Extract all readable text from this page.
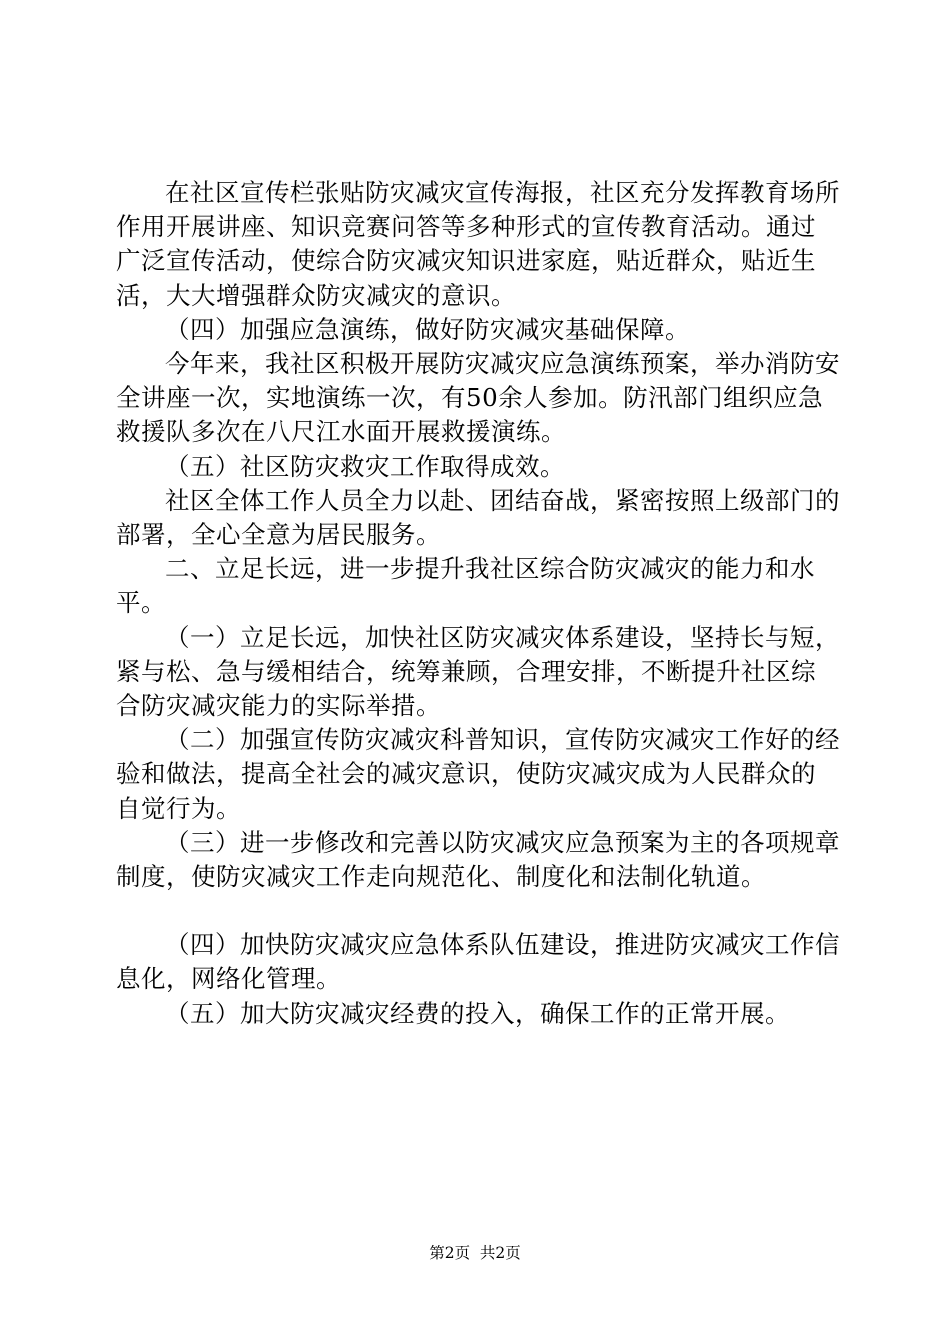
在社区宣传栏张贴防灾减灾宣传海报，社区充分发挥教育场所作用开展讲座、知识竞赛问答等多种形式的宣传教育活动。通过广泛宣传活动，使综合防灾减灾知识进家庭，贴近群众，贴近生活，大大增强群众防灾减灾的意识。

（四）加强应急演练，做好防灾减灾基础保障。

今年来，我社区积极开展防灾减灾应急演练预案，举办消防安全讲座一次，实地演练一次，有50余人参加。防汛部门组织应急救援队多次在八尺江水面开展救援演练。

（五）社区防灾救灾工作取得成效。

社区全体工作人员全力以赴、团结奋战，紧密按照上级部门的部署，全心全意为居民服务。

二、立足长远，进一步提升我社区综合防灾减灾的能力和水平。

（一）立足长远，加快社区防灾减灾体系建设，坚持长与短，紧与松、急与缓相结合，统筹兼顾，合理安排，不断提升社区综合防灾减灾能力的实际举措。

（二）加强宣传防灾减灾科普知识，宣传防灾减灾工作好的经验和做法，提高全社会的减灾意识，使防灾减灾成为人民群众的自觉行为。

（三）进一步修改和完善以防灾减灾应急预案为主的各项规章制度，使防灾减灾工作走向规范化、制度化和法制化轨道。

（四）加快防灾减灾应急体系队伍建设，推进防灾减灾工作信息化，网络化管理。

（五）加大防灾减灾经费的投入，确保工作的正常开展。

第2页  共2页
